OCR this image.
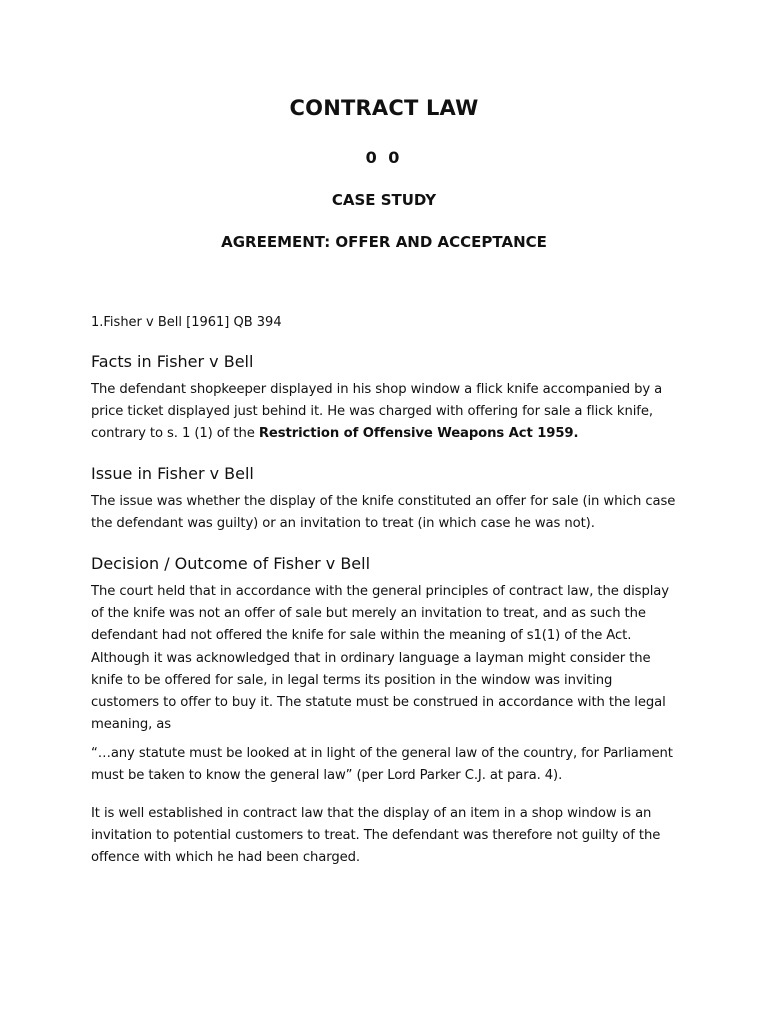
CONTRACT LAW
0 0
CASE STUDY
AGREEMENT: OFFER AND ACCEPTANCE
1.Fisher v Bell [1961] QB 394
Facts in Fisher v Bell
The defendant shopkeeper displayed in his shop window a flick knife accompanied by a price ticket displayed just behind it. He was charged with offering for sale a flick knife, contrary to s. 1 (1) of the Restriction of Offensive Weapons Act 1959.
Issue in Fisher v Bell
The issue was whether the display of the knife constituted an offer for sale (in which case the defendant was guilty) or an invitation to treat (in which case he was not).
Decision / Outcome of Fisher v Bell
The court held that in accordance with the general principles of contract law, the display of the knife was not an offer of sale but merely an invitation to treat, and as such the defendant had not offered the knife for sale within the meaning of s1(1) of the Act. Although it was acknowledged that in ordinary language a layman might consider the knife to be offered for sale, in legal terms its position in the window was inviting customers to offer to buy it. The statute must be construed in accordance with the legal meaning, as
“…any statute must be looked at in light of the general law of the country, for Parliament must be taken to know the general law” (per Lord Parker C.J. at para. 4).
It is well established in contract law that the display of an item in a shop window is an invitation to potential customers to treat. The defendant was therefore not guilty of the offence with which he had been charged.
